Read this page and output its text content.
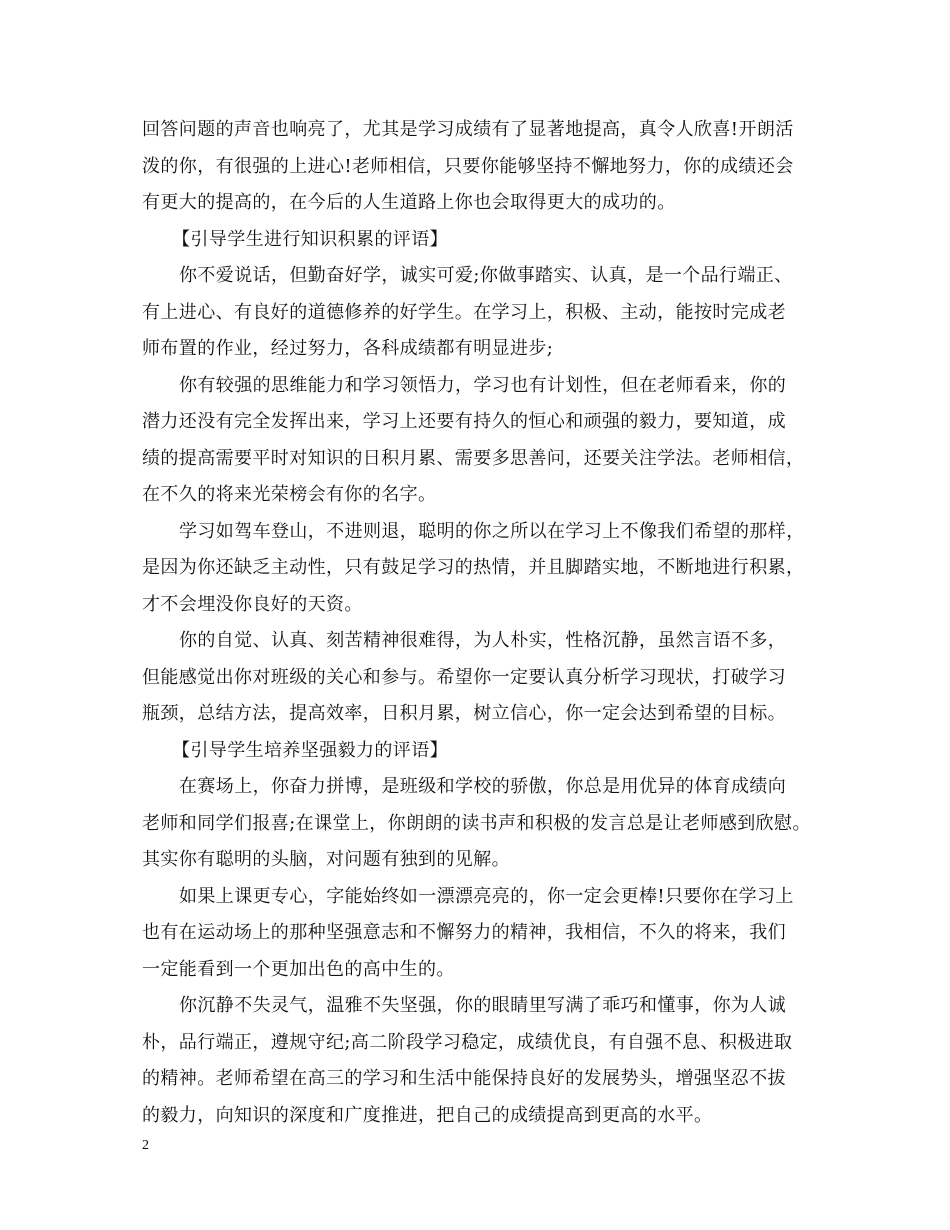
回答问题的声音也响亮了，尤其是学习成绩有了显著地提高，真令人欣喜!开朗活
泼的你，有很强的上进心!老师相信，只要你能够坚持不懈地努力，你的成绩还会
有更大的提高的，在今后的人生道路上你也会取得更大的成功的。
【引导学生进行知识积累的评语】
你不爱说话，但勤奋好学，诚实可爱;你做事踏实、认真，是一个品行端正、
有上进心、有良好的道德修养的好学生。在学习上，积极、主动，能按时完成老
师布置的作业，经过努力，各科成绩都有明显进步;
你有较强的思维能力和学习领悟力，学习也有计划性，但在老师看来，你的
潜力还没有完全发挥出来，学习上还要有持久的恒心和顽强的毅力，要知道，成
绩的提高需要平时对知识的日积月累、需要多思善问，还要关注学法。老师相信，
在不久的将来光荣榜会有你的名字。
学习如驾车登山，不进则退，聪明的你之所以在学习上不像我们希望的那样，
是因为你还缺乏主动性，只有鼓足学习的热情，并且脚踏实地，不断地进行积累，
才不会埋没你良好的天资。
你的自觉、认真、刻苦精神很难得，为人朴实，性格沉静，虽然言语不多，
但能感觉出你对班级的关心和参与。希望你一定要认真分析学习现状，打破学习
瓶颈，总结方法，提高效率，日积月累，树立信心，你一定会达到希望的目标。
【引导学生培养坚强毅力的评语】
在赛场上，你奋力拼博，是班级和学校的骄傲，你总是用优异的体育成绩向
老师和同学们报喜;在课堂上，你朗朗的读书声和积极的发言总是让老师感到欣慰。
其实你有聪明的头脑，对问题有独到的见解。
如果上课更专心，字能始终如一漂漂亮亮的，你一定会更棒!只要你在学习上
也有在运动场上的那种坚强意志和不懈努力的精神，我相信，不久的将来，我们
一定能看到一个更加出色的高中生的。
你沉静不失灵气，温雅不失坚强，你的眼睛里写满了乖巧和懂事，你为人诚
朴，品行端正，遵规守纪;高二阶段学习稳定，成绩优良，有自强不息、积极进取
的精神。老师希望在高三的学习和生活中能保持良好的发展势头，增强坚忍不拔
的毅力，向知识的深度和广度推进，把自己的成绩提高到更高的水平。
2
